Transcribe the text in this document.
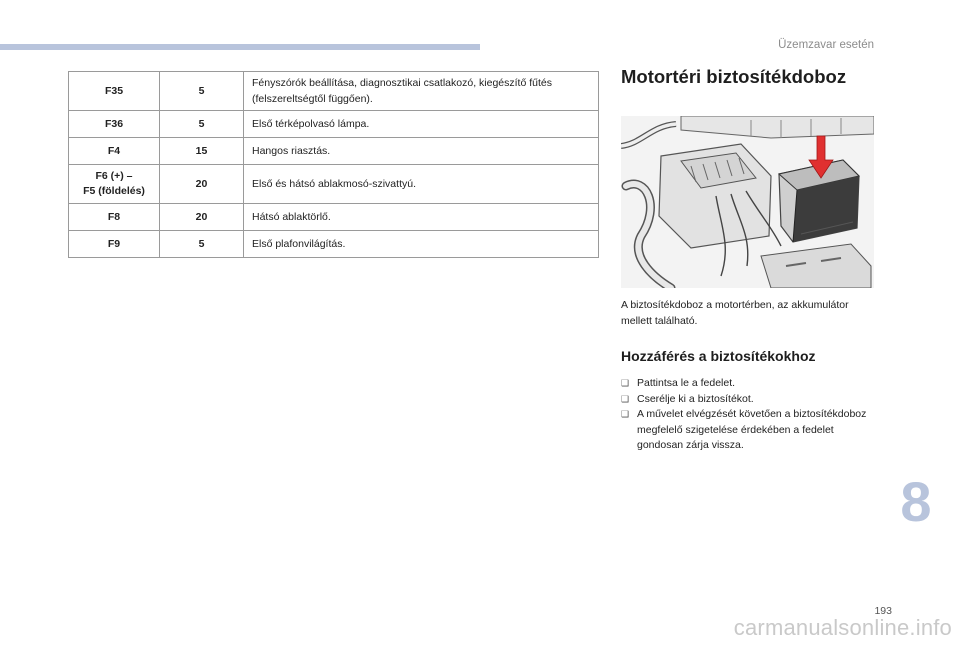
Üzemzavar esetén
F35	5	Fényszórók beállítása, diagnosztikai csatlakozó, kiegészítő fűtés (felszereltségtől függően).
F36	5	Első térképolvasó lámpa.
F4	15	Hangos riasztás.
F6 (+) –
F5 (földelés)	20	Első és hátsó ablakmosó-szivattyú.
F8	20	Hátsó ablaktörlő.
F9	5	Első plafonvilágítás.
Motortéri biztosítékdoboz

A biztosítékdoboz a motortérben, az akkumulátor mellett található.

Hozzáférés a biztosítékokhoz
❑ Pattintsa le a fedelet.
❑ Cserélje ki a biztosítékot.
❑ A művelet elvégzését követően a biztosítékdoboz megfelelő szigetelése érdekében a fedelet gondosan zárja vissza.
8
193
carmanualsonline.info
